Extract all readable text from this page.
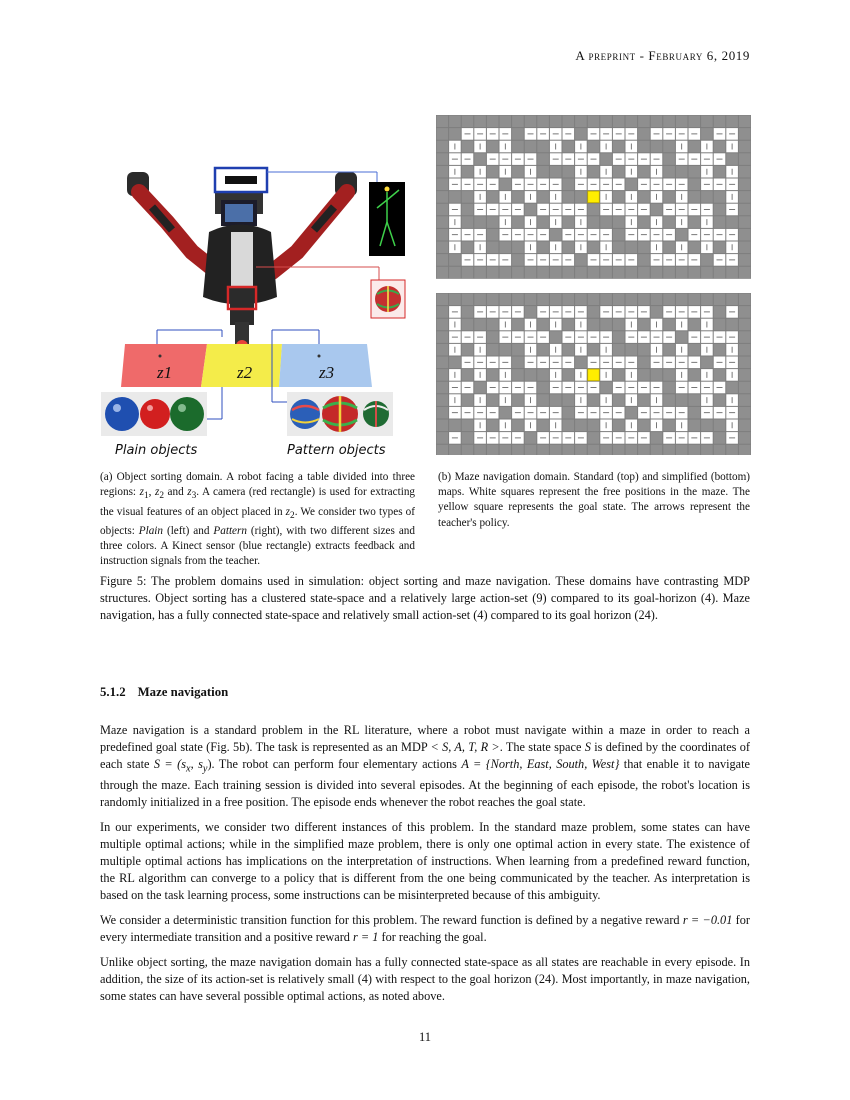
A preprint - February 6, 2019
z1	z2	z3
Plain objects	Pattern objects
(a) Object sorting domain. A robot facing a table divided into three regions: $z_1$, $z_2$ and $z_3$. A camera (red rectangle) is used for extracting the visual features of an object placed in $z_2$. We consider two types of objects: Plain (left) and Pattern (right), with two different sizes and three colors. A Kinect sensor (blue rectangle) extracts feedback and instruction signals from the teacher.
(b) Maze navigation domain. Standard (top) and simplified (bottom) maps. White squares represent the free positions in the maze. The yellow square represents the goal state. The arrows represent the teacher's policy.
Figure 5: The problem domains used in simulation: object sorting and maze navigation. These domains have contrasting MDP structures. Object sorting has a clustered state-space and a relatively large action-set (9) compared to its goal-horizon (4). Maze navigation, has a fully connected state-space and relatively small action-set (4) compared to its goal horizon (24).
5.1.2 Maze navigation

Maze navigation is a standard problem in the RL literature, where a robot must navigate within a maze in order to reach a predefined goal state (Fig. 5b). The task is represented as an MDP < S, A, T, R >. The state space S is defined by the coordinates of each state $S = (s_x$, $s_y$). The robot can perform four elementary actions A = {North, East, South, West} that enable it to navigate through the maze. Each training session is divided into several episodes. At the beginning of each episode, the robot's location is randomly initialized in a free position. The episode ends whenever the robot reaches the goal state.

In our experiments, we consider two different instances of this problem. In the standard maze problem, some states can have multiple optimal actions; while in the simplified maze problem, there is only one optimal action in every state. The existence of multiple optimal actions has implications on the interpretation of instructions. When learning from a predefined reward function, the RL algorithm can converge to a policy that is different from the one being communicated by the teacher. As interpretation is based on the task learning process, some instructions can be misinterpreted because of this ambiguity.

We consider a deterministic transition function for this problem. The reward function is defined by a negative reward r = −0.01 for every intermediate transition and a positive reward r = 1 for reaching the goal.

Unlike object sorting, the maze navigation domain has a fully connected state-space as all states are reachable in every episode. In addition, the size of its action-set is relatively small (4) with respect to the goal horizon (24). Most importantly, in maze navigation, some states can have several possible optimal actions, as noted above.

11
